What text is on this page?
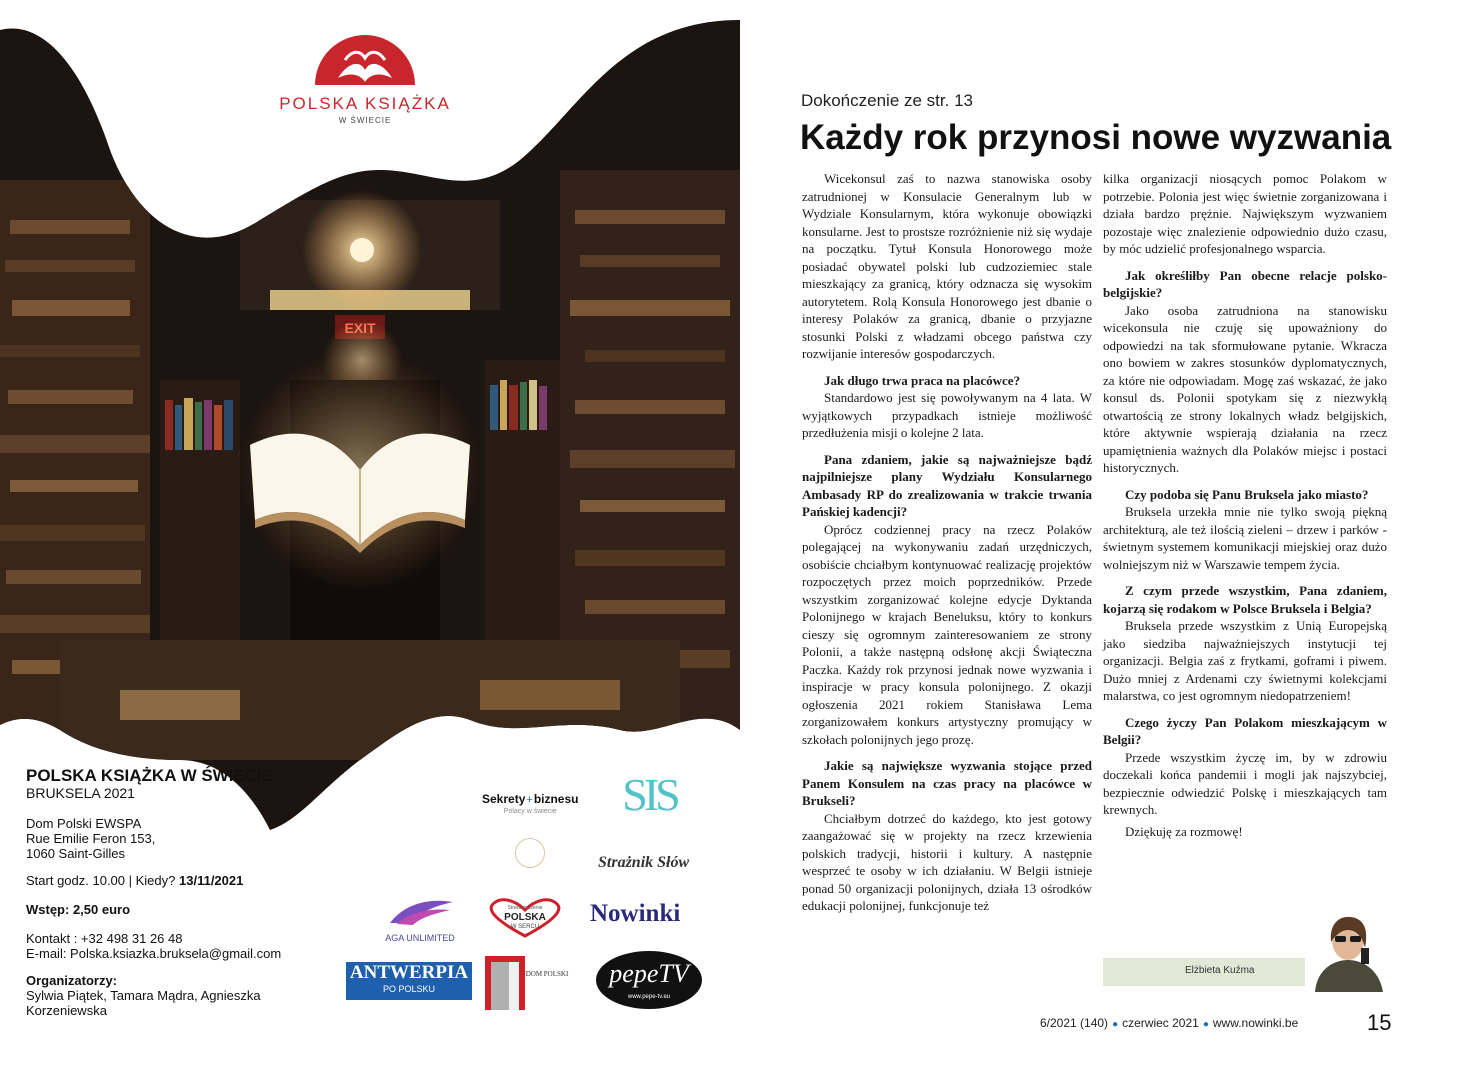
POLSKA KSIĄŻKA
W ŚWIECIE
POLSKA KSIĄŻKA W ŚWIECIE
BRUKSELA 2021
Dom Polski EWSPA
Rue Emilie Feron 153,
1060 Saint-Gilles
Start godz. 10.00 | Kiedy? 13/11/2021
Wstęp: 2,50 euro
Kontakt : +32 498 31 26 48
E-mail: Polska.ksiazka.bruksela@gmail.com
Organizatorzy:
Sylwia Piątek, Tamara Mądra, Agnieszka Korzeniewska
Sekrety+biznesu
Polacy w świecie	SIS
Strażnik Słów
AGA UNLIMITED
Stowarzyszenie
POLSKA
W SERCU Nowinki
ANTWERPIA
PO POLSKU
DOM POLSKI	pepeTV
www.pepe-tv.eu
Dokończenie ze str. 13
Każdy rok przynosi nowe wyzwania

Wicekonsul zaś to nazwa stanowiska osoby zatrudnionej w Konsulacie Generalnym lub w Wydziale Konsularnym, która wykonuje obowiązki konsularne. Jest to prostsze rozróżnienie niż się wydaje na początku. Tytuł Konsula Honorowego może posiadać obywatel polski lub cudzoziemiec stale mieszkający za granicą, który odznacza się wysokim autorytetem. Rolą Konsula Honorowego jest dbanie o interesy Polaków za granicą, dbanie o przyjazne stosunki Polski z władzami obcego państwa czy rozwijanie interesów gospodarczych.

Jak długo trwa praca na placówce?

Standardowo jest się powoływanym na 4 lata. W wyjątkowych przypadkach istnieje możliwość przedłużenia misji o kolejne 2 lata.

Pana zdaniem, jakie są najważniejsze bądź najpilniejsze plany Wydziału Konsularnego Ambasady RP do zrealizowania w trakcie trwania Pańskiej kadencji?

Oprócz codziennej pracy na rzecz Polaków polegającej na wykonywaniu zadań urzędniczych, osobiście chciałbym kontynuować realizację projektów rozpoczętych przez moich poprzedników. Przede wszystkim zorganizować kolejne edycje Dyktanda Polonijnego w krajach Beneluksu, który to konkurs cieszy się ogromnym zainteresowaniem ze strony Polonii, a także następną odsłonę akcji Świąteczna Paczka. Każdy rok przynosi jednak nowe wyzwania i inspiracje w pracy konsula polonijnego. Z okazji ogłoszenia 2021 rokiem Stanisława Lema zorganizowałem konkurs artystyczny promujący w szkołach polonijnych jego prozę.

Jakie są największe wyzwania stojące przed Panem Konsulem na czas pracy na placówce w Brukseli?

Chciałbym dotrzeć do każdego, kto jest gotowy zaangażować się w projekty na rzecz krzewienia polskich tradycji, historii i kultury. A następnie wesprzeć te osoby w ich działaniu. W Belgii istnieje ponad 50 organizacji polonijnych, działa 13 ośrodków edukacji polonijnej, funkcjonuje też

kilka organizacji niosących pomoc Polakom w potrzebie. Polonia jest więc świetnie zorganizowana i działa bardzo prężnie. Największym wyzwaniem pozostaje więc znalezienie odpowiednio dużo czasu, by móc udzielić profesjonalnego wsparcia.

Jak określiłby Pan obecne relacje polsko-belgijskie?

Jako osoba zatrudniona na stanowisku wicekonsula nie czuję się upoważniony do odpowiedzi na tak sformułowane pytanie. Wkracza ono bowiem w zakres stosunków dyplomatycznych, za które nie odpowiadam. Mogę zaś wskazać, że jako konsul ds. Polonii spotykam się z niezwykłą otwartością ze strony lokalnych władz belgijskich, które aktywnie wspierają działania na rzecz upamiętnienia ważnych dla Polaków miejsc i postaci historycznych.

Czy podoba się Panu Bruksela jako miasto?

Bruksela urzekła mnie nie tylko swoją piękną architekturą, ale też ilością zieleni – drzew i parków - świetnym systemem komunikacji miejskiej oraz dużo wolniejszym niż w Warszawie tempem życia.

Z czym przede wszystkim, Pana zdaniem, kojarzą się rodakom w Polsce Bruksela i Belgia?

Bruksela przede wszystkim z Unią Europejską jako siedziba najważniejszych instytucji tej organizacji. Belgia zaś z frytkami, goframi i piwem. Dużo mniej z Ardenami czy świetnymi kolekcjami malarstwa, co jest ogromnym niedopatrzeniem!

Czego życzy Pan Polakom mieszkającym w Belgii?

Przede wszystkim życzę im, by w zdrowiu doczekali końca pandemii i mogli jak najszybciej, bezpiecznie odwiedzić Polskę i mieszkających tam krewnych.

Dziękuję za rozmowę!

Elżbieta Kuźma
6/2021 (140) ● czerwiec 2021 ● www.nowinki.be	15
